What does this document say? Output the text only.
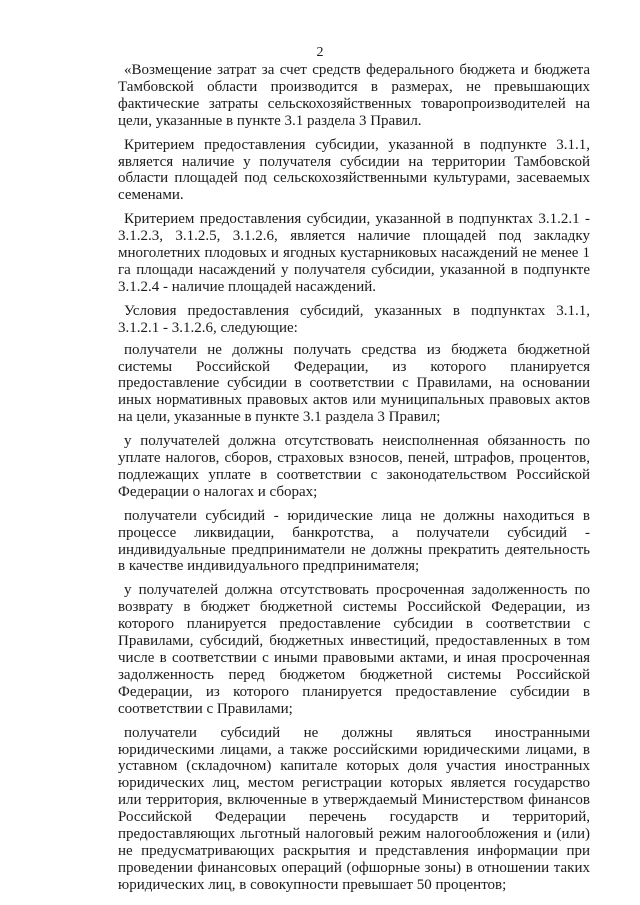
2

«Возмещение затрат за счет средств федерального бюджета и бюджета Тамбовской области производится в размерах, не превышающих фактические затраты сельскохозяйственных товаропроизводителей на цели, указанные в пункте 3.1 раздела 3 Правил.

Критерием предоставления субсидии, указанной в подпункте 3.1.1, является наличие у получателя субсидии на территории Тамбовской области площадей под сельскохозяйственными культурами, засеваемых семенами.

Критерием предоставления субсидии, указанной в подпунктах 3.1.2.1 - 3.1.2.3, 3.1.2.5, 3.1.2.6, является наличие площадей под закладку многолетних плодовых и ягодных кустарниковых насаждений не менее 1 га площади насаждений у получателя субсидии, указанной в подпункте 3.1.2.4 - наличие площадей насаждений.

Условия предоставления субсидий, указанных в подпунктах 3.1.1, 3.1.2.1 - 3.1.2.6, следующие:

получатели не должны получать средства из бюджета бюджетной системы Российской Федерации, из которого планируется предоставление субсидии в соответствии с Правилами, на основании иных нормативных правовых актов или муниципальных правовых актов на цели, указанные в пункте 3.1 раздела 3 Правил;

у получателей должна отсутствовать неисполненная обязанность по уплате налогов, сборов, страховых взносов, пеней, штрафов, процентов, подлежащих уплате в соответствии с законодательством Российской Федерации о налогах и сборах;

получатели субсидий - юридические лица не должны находиться в процессе ликвидации, банкротства, а получатели субсидий - индивидуальные предприниматели не должны прекратить деятельность в качестве индивидуального предпринимателя;

у получателей должна отсутствовать просроченная задолженность по возврату в бюджет бюджетной системы Российской Федерации, из которого планируется предоставление субсидии в соответствии с Правилами, субсидий, бюджетных инвестиций, предоставленных в том числе в соответствии с иными правовыми актами, и иная просроченная задолженность перед бюджетом бюджетной системы Российской Федерации, из которого планируется предоставление субсидии в соответствии с Правилами;

получатели субсидий не должны являться иностранными юридическими лицами, а также российскими юридическими лицами, в уставном (складочном) капитале которых доля участия иностранных юридических лиц, местом регистрации которых является государство или территория, включенные в утверждаемый Министерством финансов Российской Федерации перечень государств и территорий, предоставляющих льготный налоговый режим налогообложения и (или) не предусматривающих раскрытия и представления информации при проведении финансовых операций (офшорные зоны) в отношении таких юридических лиц, в совокупности превышает 50 процентов;
